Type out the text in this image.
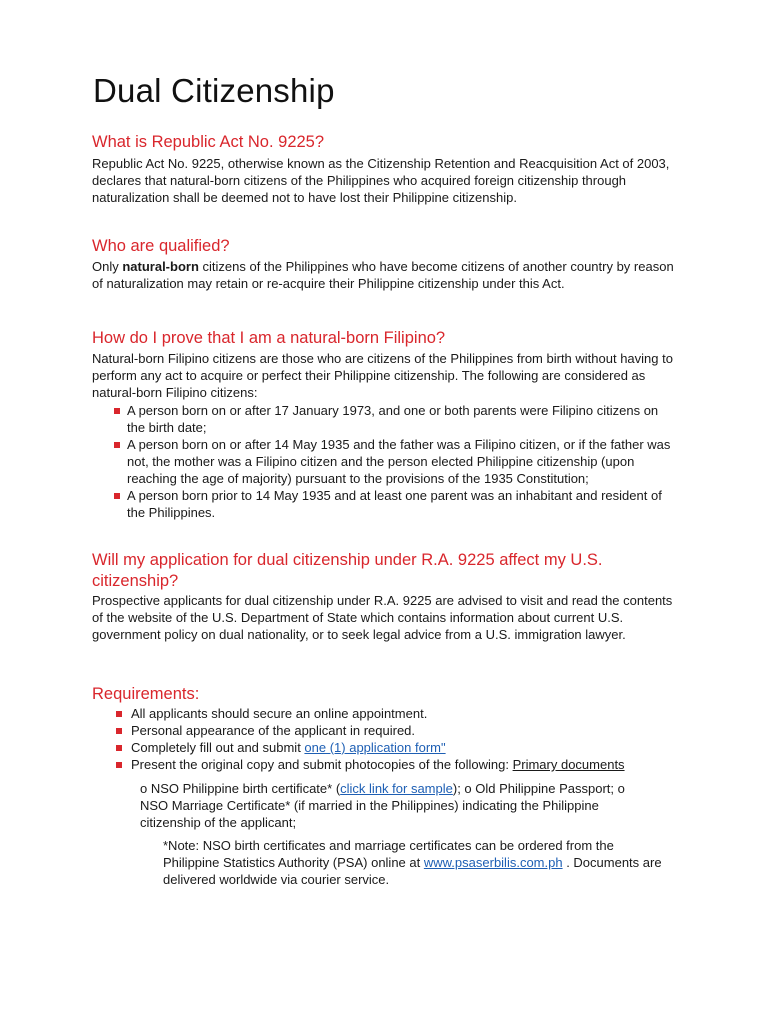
Dual Citizenship
What is Republic Act No. 9225?

Republic Act No. 9225, otherwise known as the Citizenship Retention and Reacquisition Act of 2003, declares that natural-born citizens of the Philippines who acquired foreign citizenship through naturalization shall be deemed not to have lost their Philippine citizenship.

Who are qualified?

Only natural-born citizens of the Philippines who have become citizens of another country by reason of naturalization may retain or re-acquire their Philippine citizenship under this Act.

How do I prove that I am a natural-born Filipino?

Natural-born Filipino citizens are those who are citizens of the Philippines from birth without having to perform any act to acquire or perfect their Philippine citizenship. The following are considered as natural-born Filipino citizens:

A person born on or after 17 January 1973, and one or both parents were Filipino citizens on the birth date;
A person born on or after 14 May 1935 and the father was a Filipino citizen, or if the father was not, the mother was a Filipino citizen and the person elected Philippine citizenship (upon reaching the age of majority) pursuant to the provisions of the 1935 Constitution;
A person born prior to 14 May 1935 and at least one parent was an inhabitant and resident of the Philippines.
Will my application for dual citizenship under R.A. 9225 affect my U.S. citizenship?

Prospective applicants for dual citizenship under R.A. 9225 are advised to visit and read the contents of the website of the U.S. Department of State which contains information about current U.S. government policy on dual nationality, or to seek legal advice from a U.S. immigration lawyer.

Requirements:
All applicants should secure an online appointment.
Personal appearance of the applicant in required.
Completely fill out and submit one (1) application form"
Present the original copy and submit photocopies of the following: Primary documents

o NSO Philippine birth certificate* (click link for sample); o Old Philippine Passport; o NSO Marriage Certificate* (if married in the Philippines) indicating the Philippine citizenship of the applicant;

*Note: NSO birth certificates and marriage certificates can be ordered from the Philippine Statistics Authority (PSA) online at www.psaserbilis.com.ph . Documents are delivered worldwide via courier service.
